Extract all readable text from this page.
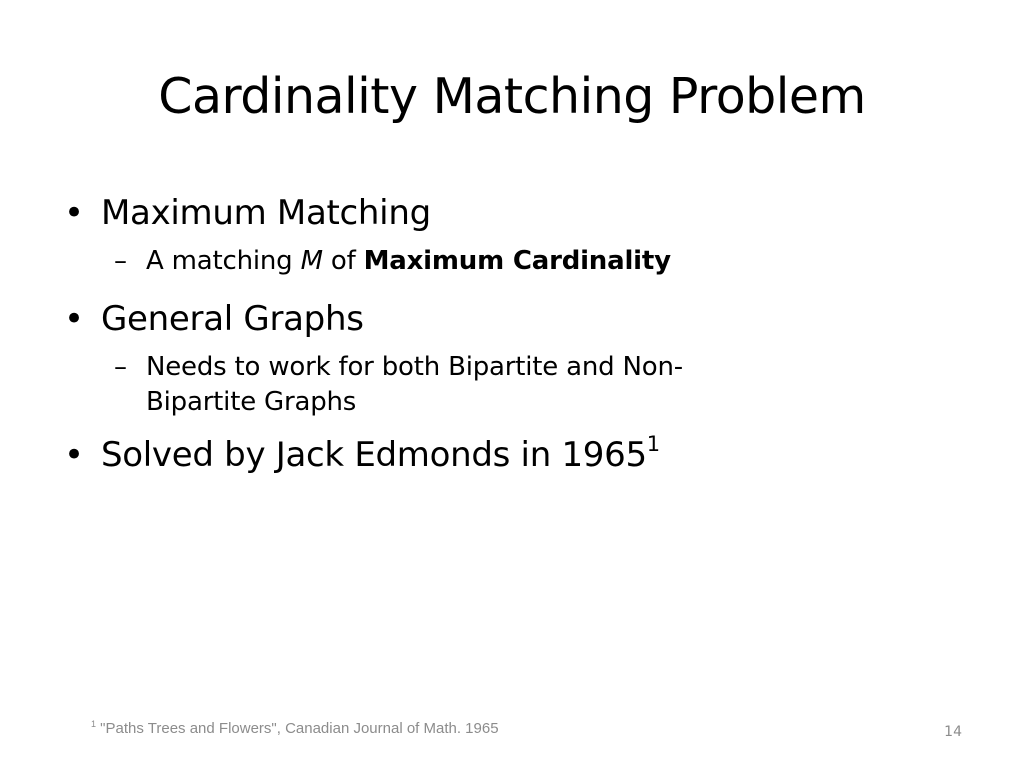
Cardinality Matching Problem
• Maximum Matching
– A matching M of Maximum Cardinality
• General Graphs
– Needs to work for both Bipartite and Non-
Bipartite Graphs
• Solved by Jack Edmonds in 1965$^1$
$^1$ "Paths Trees and Flowers", Canadian Journal of Math. 1965	14
